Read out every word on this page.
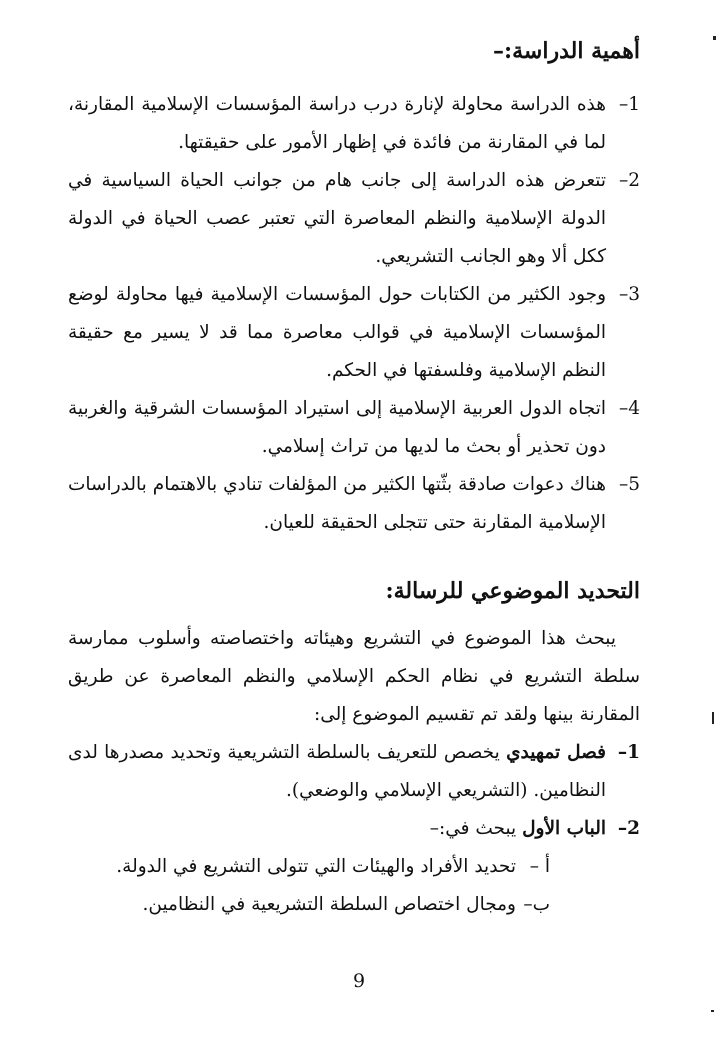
أهمية الدراسة:–
1–
هذه الدراسة محاولة لإنارة درب دراسة المؤسسات الإسلامية المقارنة، لما في المقارنة من فائدة في إظهار الأمور على حقيقتها.
2–
تتعرض هذه الدراسة إلى جانب هام من جوانب الحياة السياسية في الدولة الإسلامية والنظم المعاصرة التي تعتبر عصب الحياة في الدولة ككل ألا وهو الجانب التشريعي.
3–
وجود الكثير من الكتابات حول المؤسسات الإسلامية فيها محاولة لوضع المؤسسات الإسلامية في قوالب معاصرة مما قد لا يسير مع حقيقة النظم الإسلامية وفلسفتها في الحكم.
4–
اتجاه الدول العربية الإسلامية إلى استيراد المؤسسات الشرقية والغربية دون تحذير أو بحث ما لديها من تراث إسلامي.
5–
هناك دعوات صادقة بثّتها الكثير من المؤلفات تنادي بالاهتمام بالدراسات الإسلامية المقارنة حتى تتجلى الحقيقة للعيان.
التحديد الموضوعي للرسالة:
يبحث هذا الموضوع في التشريع وهيئاته واختصاصته وأسلوب ممارسة سلطة التشريع في نظام الحكم الإسلامي والنظم المعاصرة عن طريق المقارنة بينها ولقد تم تقسيم الموضوع إلى:
1–
فصل تمهيدي يخصص للتعريف بالسلطة التشريعية وتحديد مصدرها لدى النظامين. (التشريعي الإسلامي والوضعي).
2–
الباب الأول يبحث في:–
أ –
تحديد الأفراد والهيئات التي تتولى التشريع في الدولة.
ب–
ومجال اختصاص السلطة التشريعية في النظامين.
9
